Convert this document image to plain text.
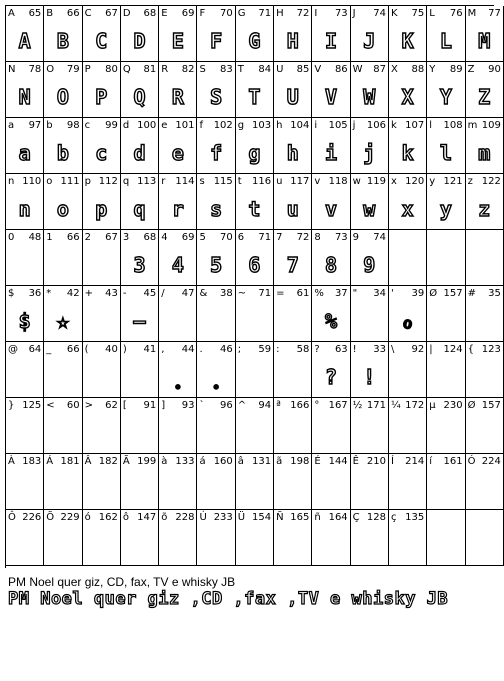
A 65
A
B 66
B
C 67
C
D 68
D
E 69
E
F 70
F
G 71
G
H 72
H
I 73
I
J 74
J
K 75
K
L 76
L
M 77
M
N 78
N
O 79
O
P 80
P
Q 81
Q
R 82
R
S 83
S
T 84
T
U 85
U
V 86
V
W 87
W
X 88
X
Y 89
Y
Z 90
Z
a 97
a
b 98
b
c 99
c
d 100
d
e 101
e
f 102
f
g 103
g
h 104
h
i 105
i
j 106
j
k 107
k
l 108
l
m 109
m
n 110
n
o 111
o
p 112
p
q 113
q
r 114
r
s 115
s
t 116
t
u 117
u
v 118
v
w 119
w
x 120
x
y 121
y
z 122
z
0 48 1 66 2 67 3 68
3
4 69
4
5 70
5
6 71
6
7 72
7
8 73
8
9 74
9
$ 36
$
* 42
☆
+ 43 - 45
—
/ 47 & 38 ~ 71 = 61 % 37
%
" 34 ' 39
ℴ
Ø 157 # 35
@ 64 _ 66 ( 40 ) 41 , 44
˳
. 46
˳
; 59 : 58 ? 63
?
! 33
!
\ 92 | 124 { 123
} 125 < 60 > 62 [ 91 ] 93 ` 96 ^ 94 ª 166 ° 167 ½ 171 ¼ 172 µ 230 Ø 157
À 183 Á 181 Â 182 Ã 199 à 133 á 160 â 131 ã 198 É 144 Ê 210 Í 214 í 161 Ó 224
Ô 226 Õ 229 ó 162 ô 147 õ 228 Ú 233 Ü 154 Ñ 165 ñ 164 Ç 128 ç 135
PM Noel quer giz, CD, fax, TV e whisky JB
PM Noel quer giz ,CD ,fax ,TV e whisky JB
